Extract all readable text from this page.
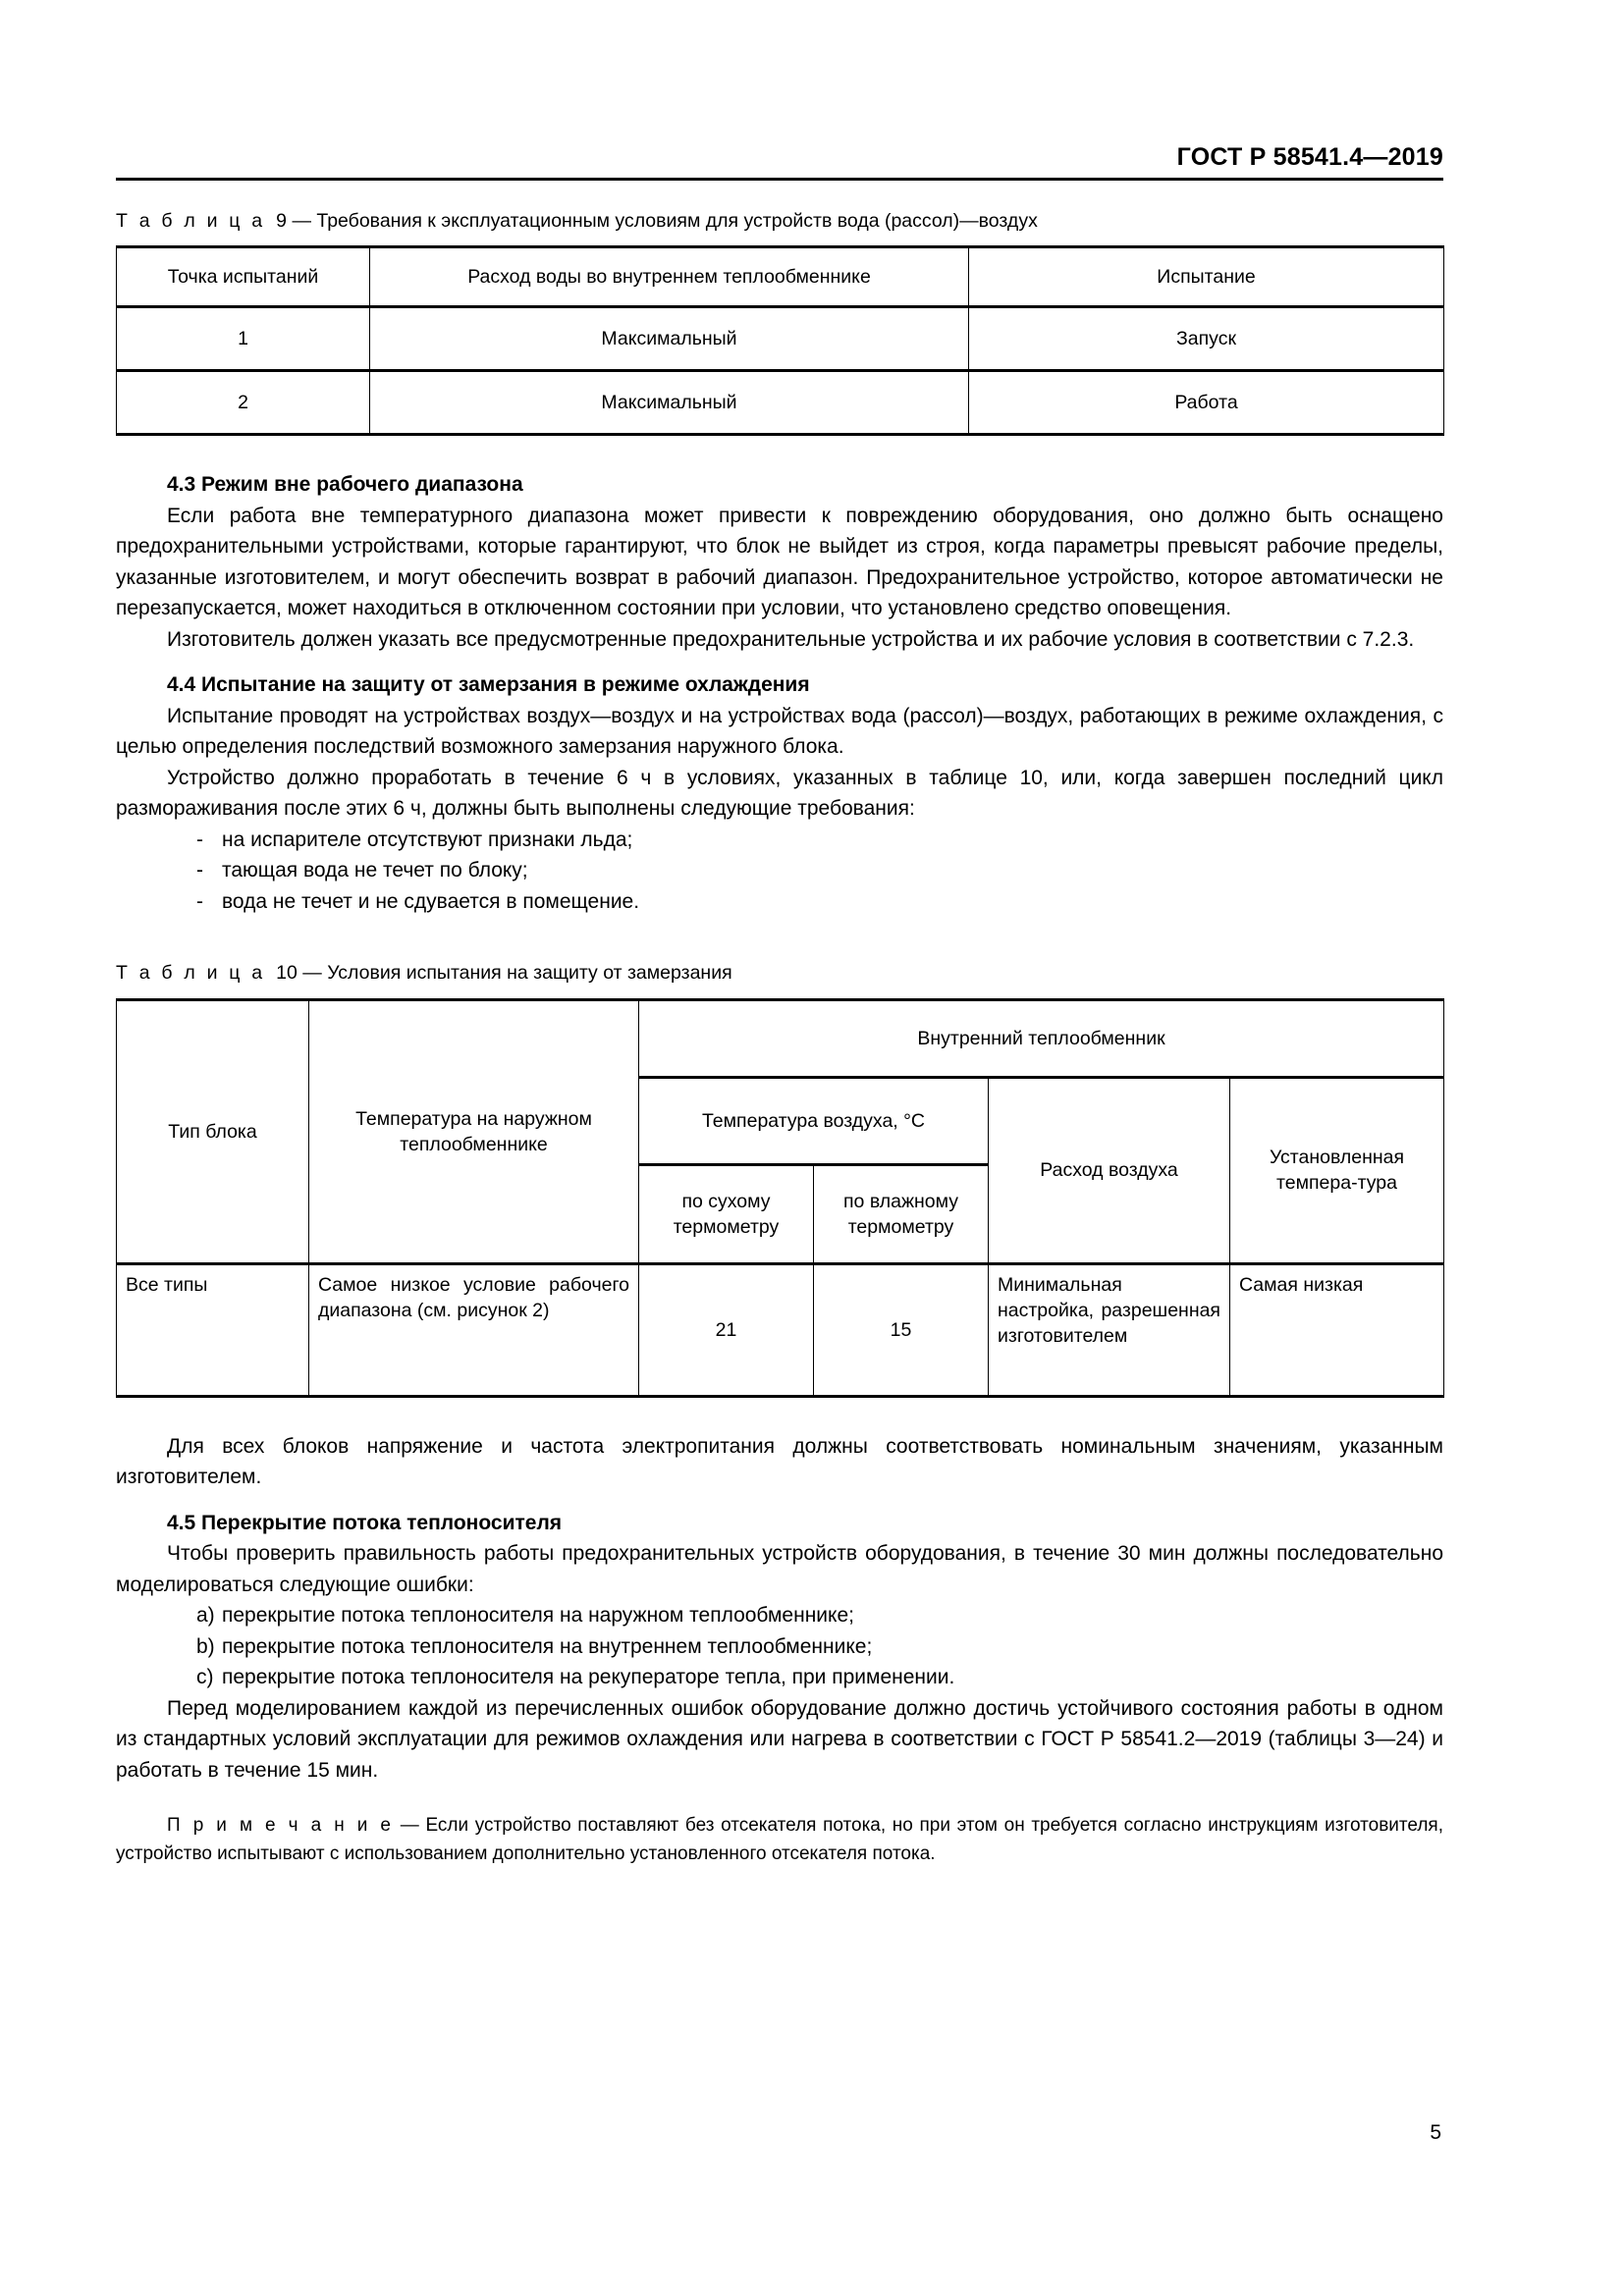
ГОСТ Р 58541.4—2019
Т а б л и ц а 9 — Требования к эксплуатационным условиям для устройств вода (рассол)—воздух
Точка испытаний	Расход воды во внутреннем теплообменнике	Испытание
1	Максимальный	Запуск
2	Максимальный	Работа
4.3 Режим вне рабочего диапазона

Если работа вне температурного диапазона может привести к повреждению оборудования, оно должно быть оснащено предохранительными устройствами, которые гарантируют, что блок не выйдет из строя, когда параметры превысят рабочие пределы, указанные изготовителем, и могут обеспечить возврат в рабочий диапазон. Предохранительное устройство, которое автоматически не перезапускается, может находиться в отключенном состоянии при условии, что установлено средство оповещения.

Изготовитель должен указать все предусмотренные предохранительные устройства и их рабочие условия в соответствии с 7.2.3.

4.4 Испытание на защиту от замерзания в режиме охлаждения

Испытание проводят на устройствах воздух—воздух и на устройствах вода (рассол)—воздух, работающих в режиме охлаждения, с целью определения последствий возможного замерзания наружного блока.

Устройство должно проработать в течение 6 ч в условиях, указанных в таблице 10, или, когда завершен последний цикл размораживания после этих 6 ч, должны быть выполнены следующие требования:

- на испарителе отсутствуют признаки льда;
- тающая вода не течет по блоку;
- вода не течет и не сдувается в помещение.
Т а б л и ц а 10 — Условия испытания на защиту от замерзания
Тип блока	Температура на наружном теплообменнике	Внутренний теплообменник			
		Температура воздуха, °С		Расход воздуха	Установленная темпера-тура
		по сухому термометру	по влажному термометру		
Все типы	Самое низкое условие рабочего диапазона (см. рисунок 2)	21	15	Минимальная настройка, разрешенная изготовителем	Самая низкая

Для всех блоков напряжение и частота электропитания должны соответствовать номинальным значениям, указанным изготовителем.

4.5 Перекрытие потока теплоносителя

Чтобы проверить правильность работы предохранительных устройств оборудования, в течение 30 мин должны последовательно моделироваться следующие ошибки:

a) перекрытие потока теплоносителя на наружном теплообменнике;
b) перекрытие потока теплоносителя на внутреннем теплообменнике;
c) перекрытие потока теплоносителя на рекуператоре тепла, при применении.

Перед моделированием каждой из перечисленных ошибок оборудование должно достичь устойчивого состояния работы в одном из стандартных условий эксплуатации для режимов охлаждения или нагрева в соответствии с ГОСТ Р 58541.2—2019 (таблицы 3—24) и работать в течение 15 мин.

П р и м е ч а н и е — Если устройство поставляют без отсекателя потока, но при этом он требуется согласно инструкциям изготовителя, устройство испытывают с использованием дополнительно установленного отсекателя потока.

5
